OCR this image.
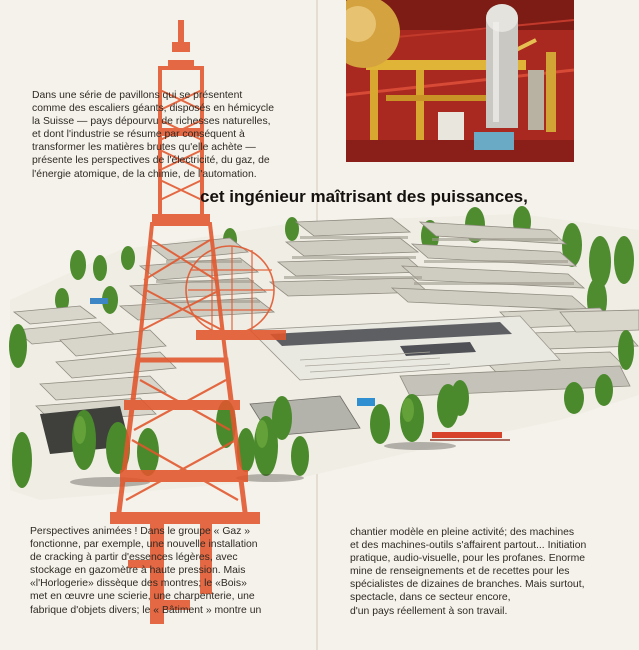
Dans une série de pavillons qui se présentent
comme des escaliers géants, disposés en hémicycle
la Suisse — pays dépourvu de richesses naturelles,
et dont l'industrie se résume par conséquent à
transformer les matières brutes qu'elle achète —
présente les perspectives de l'électricité, du gaz, de
l'énergie atomique, de la chimie, de l'automation.

cet ingénieur maîtrisant des puissances,

Perspectives animées ! Dans le groupe « Gaz »
fonctionne, par exemple, une nouvelle installation
de cracking à partir d'essences légères, avec
stockage en gazomètre à haute pression. Mais
«l'Horlogerie» dissèque des montres; le «Bois»
met en œuvre une scierie, une charpenterie, une
fabrique d'objets divers; le « Bâtiment » montre un

chantier modèle en pleine activité; des machines
et des machines-outils s'affairent partout... Initiation
pratique, audio-visuelle, pour les profanes. Enorme
mine de renseignements et de recettes pour les
spécialistes de dizaines de branches. Mais surtout,
spectacle, dans ce secteur encore,
d'un pays réellement à son travail.
